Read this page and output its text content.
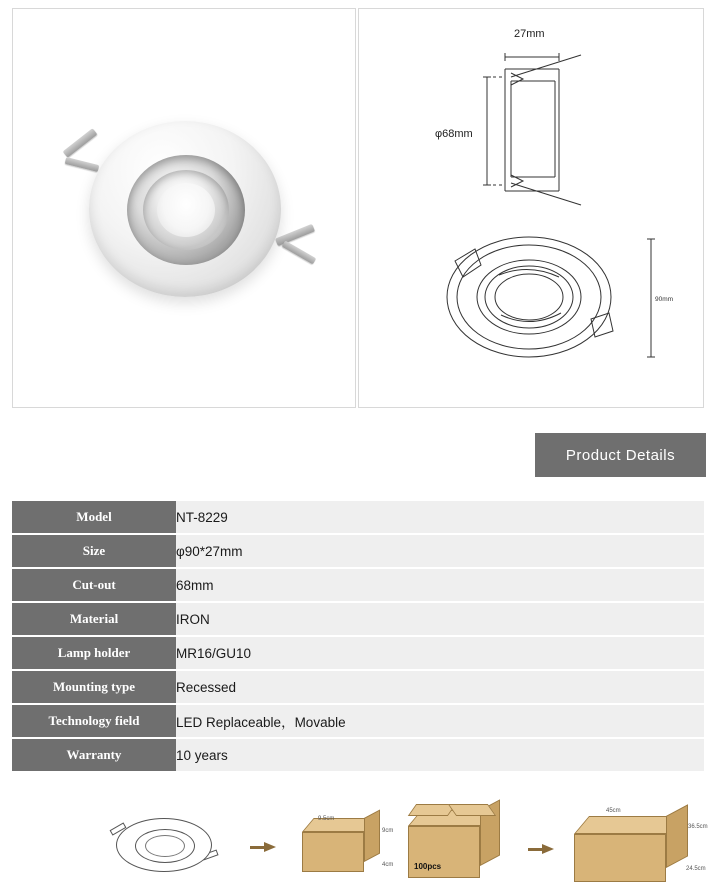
27mm
φ68mm
90mm
Product Details
Model	NT-8229
Size	φ90*27mm
Cut-out	68mm
Material	IRON
Lamp holder	MR16/GU10
Mounting type	Recessed
Technology field	LED Replaceable，Movable
Warranty	10 years
9.5cm
9cm
4cm	100pcs
45cm
36.5cm
24.5cm
